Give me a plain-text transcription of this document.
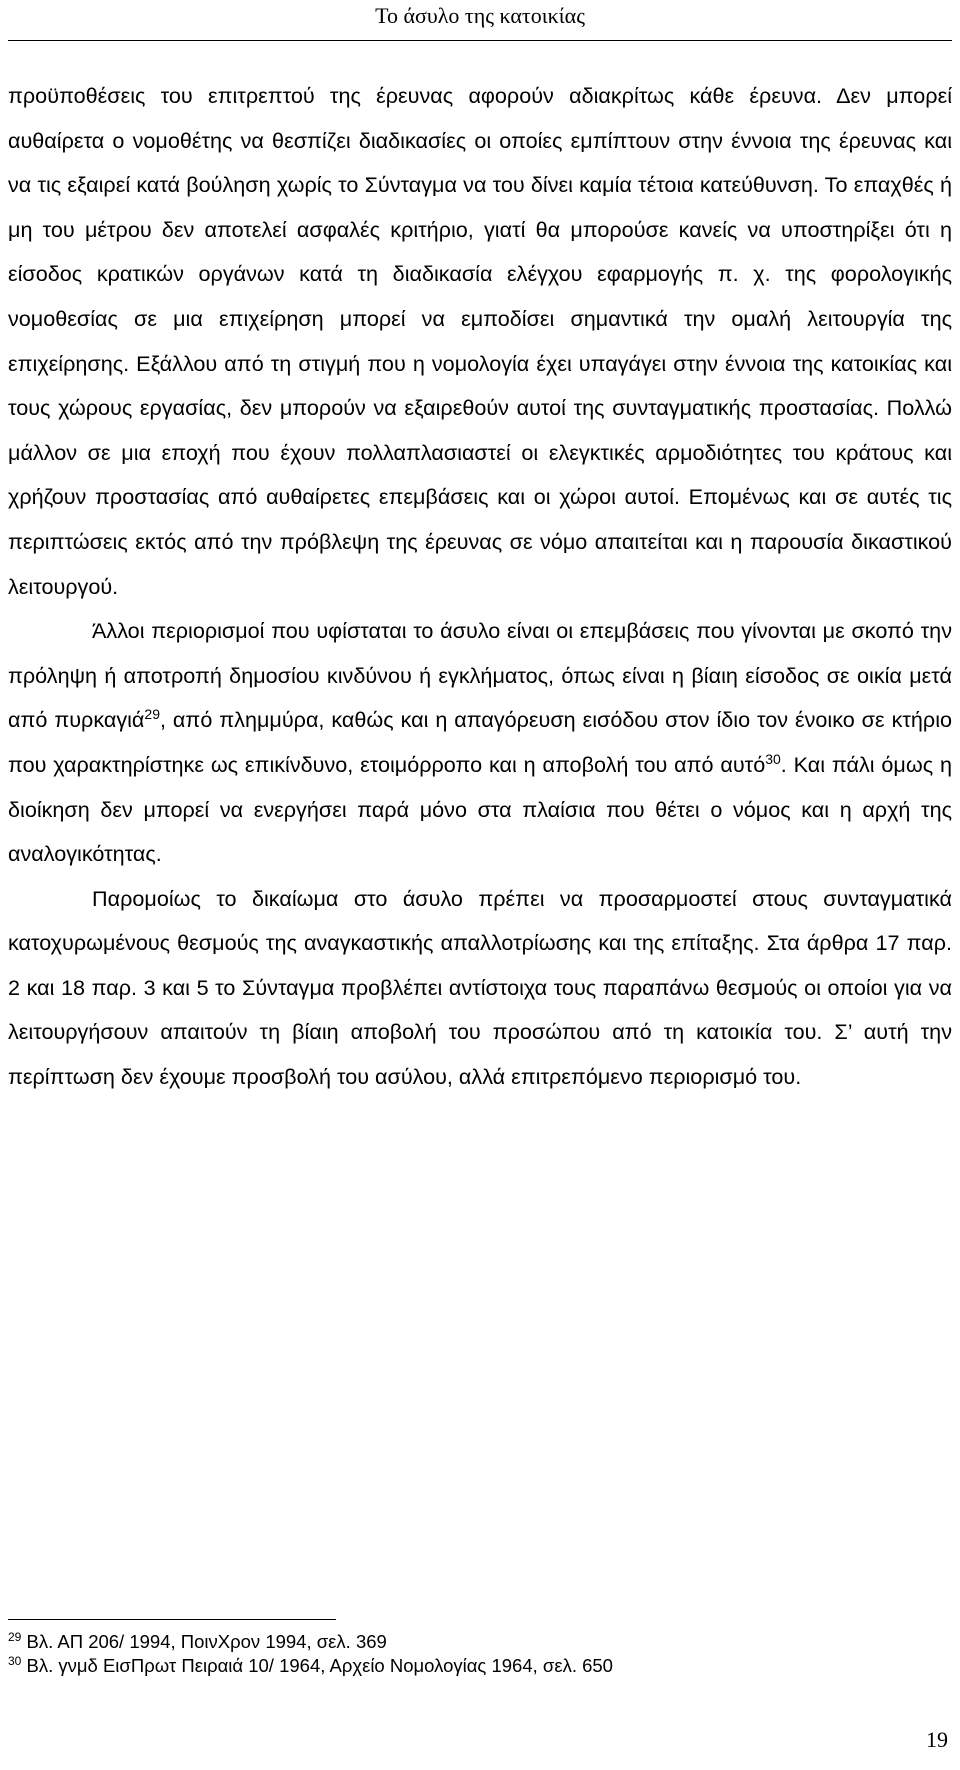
Το άσυλο της κατοικίας

προϋποθέσεις του επιτρεπτού της έρευνας αφορούν αδιακρίτως κάθε έρευνα. Δεν μπορεί αυθαίρετα ο νομοθέτης να θεσπίζει διαδικασίες οι οποίες εμπίπτουν στην έννοια της έρευνας και να τις εξαιρεί κατά βούληση χωρίς το Σύνταγμα να του δίνει καμία τέτοια κατεύθυνση. Το επαχθές ή μη του μέτρου δεν αποτελεί ασφαλές κριτήριο, γιατί θα μπορούσε κανείς να υποστηρίξει ότι η είσοδος κρατικών οργάνων κατά τη διαδικασία ελέγχου εφαρμογής π. χ. της φορολογικής νομοθεσίας σε μια επιχείρηση μπορεί να εμποδίσει σημαντικά την ομαλή λειτουργία της επιχείρησης. Εξάλλου από τη στιγμή που η νομολογία έχει υπαγάγει στην έννοια της κατοικίας και τους χώρους εργασίας, δεν μπορούν να εξαιρεθούν αυτοί της συνταγματικής προστασίας. Πολλώ μάλλον σε μια εποχή που έχουν πολλαπλασιαστεί οι ελεγκτικές αρμοδιότητες του κράτους και χρήζουν προστασίας από αυθαίρετες επεμβάσεις και οι χώροι αυτοί. Επομένως και σε αυτές τις περιπτώσεις εκτός από την πρόβλεψη της έρευνας σε νόμο απαιτείται και η παρουσία δικαστικού λειτουργού.

Άλλοι περιορισμοί που υφίσταται το άσυλο είναι οι επεμβάσεις που γίνονται με σκοπό την πρόληψη ή αποτροπή δημοσίου κινδύνου ή εγκλήματος, όπως είναι η βίαιη είσοδος σε οικία μετά από πυρκαγιά$^{29}$, από πλημμύρα, καθώς και η απαγόρευση εισόδου στον ίδιο τον ένοικο σε κτήριο που χαρακτηρίστηκε ως επικίνδυνο, ετοιμόρροπο και η αποβολή του από αυτό$^{30}$. Και πάλι όμως η διοίκηση δεν μπορεί να ενεργήσει παρά μόνο στα πλαίσια που θέτει ο νόμος και η αρχή της αναλογικότητας.

Παρομοίως το δικαίωμα στο άσυλο πρέπει να προσαρμοστεί στους συνταγματικά κατοχυρωμένους θεσμούς της αναγκαστικής απαλλοτρίωσης και της επίταξης. Στα άρθρα 17 παρ. 2 και 18 παρ. 3 και 5 το Σύνταγμα προβλέπει αντίστοιχα τους παραπάνω θεσμούς οι οποίοι για να λειτουργήσουν απαιτούν τη βίαιη αποβολή του προσώπου από τη κατοικία του. Σ’ αυτή την περίπτωση δεν έχουμε προσβολή του ασύλου, αλλά επιτρεπόμενο περιορισμό του.

$^{29}$ Βλ. ΑΠ 206/ 1994, ΠοινΧρον 1994, σελ. 369
$^{30}$ Βλ. γνμδ ΕισΠρωτ Πειραιά 10/ 1964, Αρχείο Νομολογίας 1964, σελ. 650
19
